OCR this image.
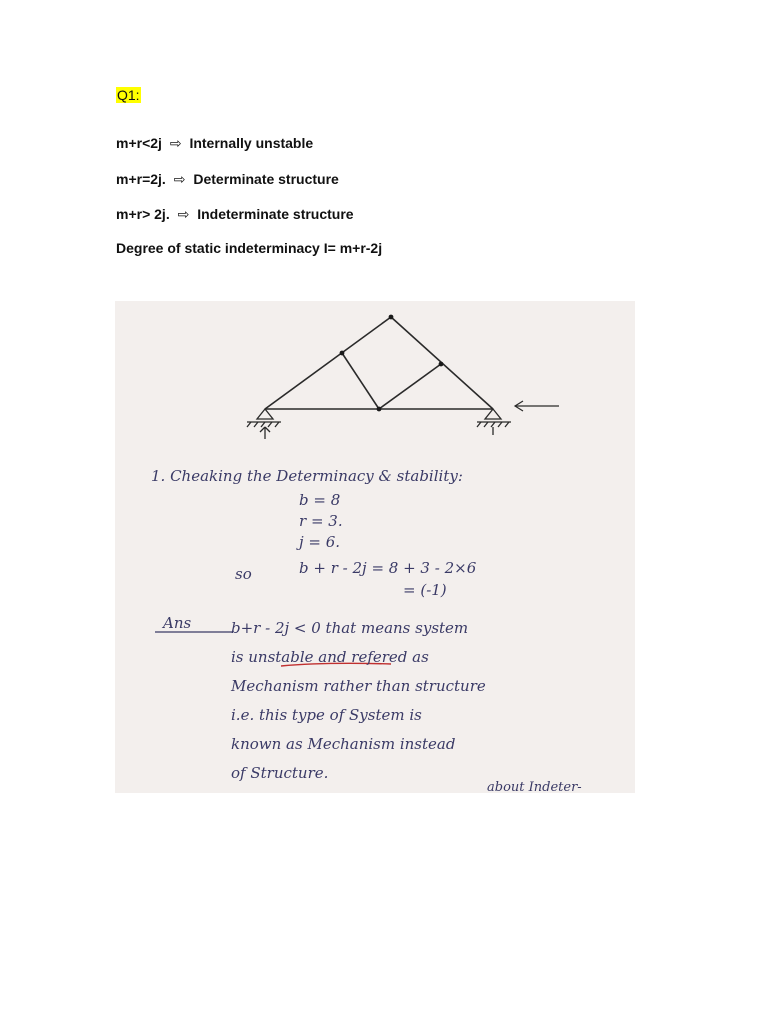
Q1:
m+r<2j ⇨ Internally unstable
m+r=2j. ⇨ Determinate structure
m+r> 2j. ⇨ Indeterminate structure
Degree of static indeterminacy I= m+r-2j
1. Cheaking the Determinacy & stability:
b = 8
r = 3.
j = 6.
so	b + r - 2j = 8 + 3 - 2×6
= (-1)
Ans	b+r - 2j < 0 that means system
is unstable and refered as
Mechanism rather than structure
i.e. this type of System is
known as Mechanism instead
of Structure.
about Indeter-
